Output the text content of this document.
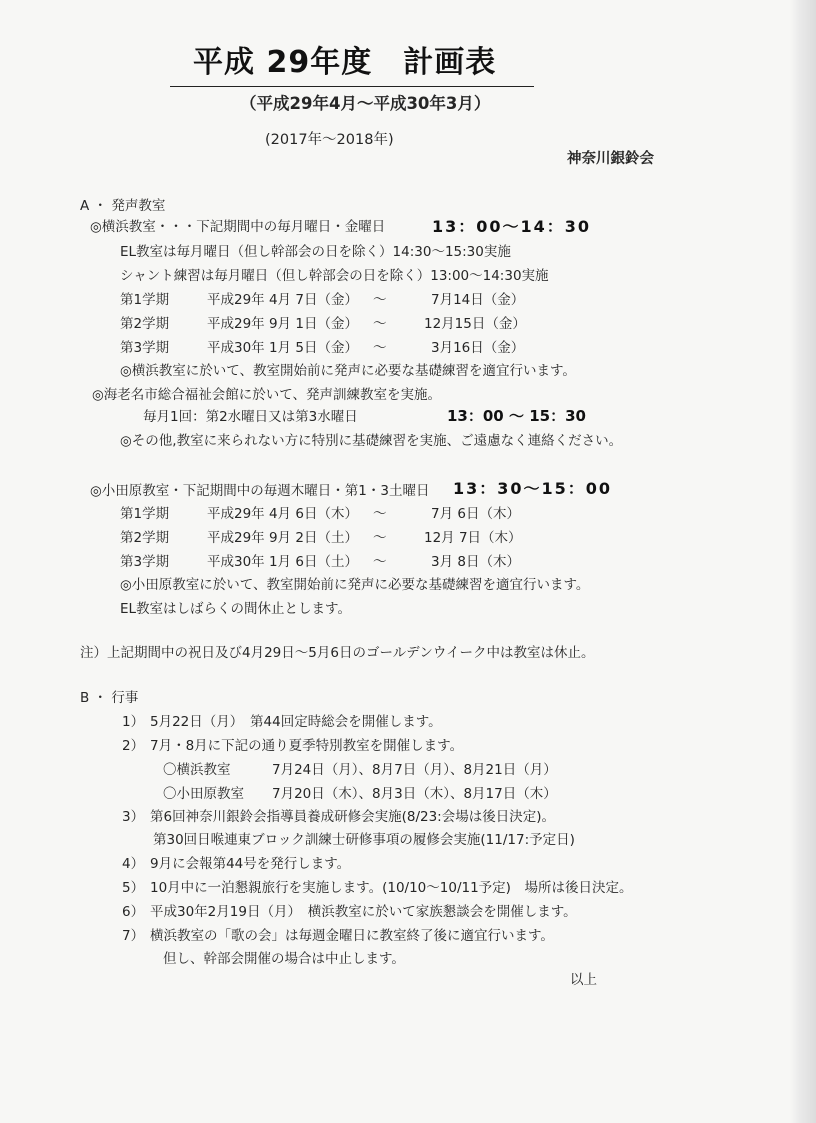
平成 29年度　計画表
（平成29年4月～平成30年3月）
(2017年～2018年)
神奈川銀鈴会
A ・ 発声教室
◎横浜教室・・・下記期間中の毎月曜日・金曜日	13：00～14：30
EL教室は毎月曜日（但し幹部会の日を除く）14:30～15:30実施
シャント練習は毎月曜日（但し幹部会の日を除く）13:00～14:30実施
第1学期	平成29年 4月 7日（金） ～	7月14日（金）
第2学期	平成29年 9月 1日（金） ～	12月15日（金）
第3学期	平成30年 1月 5日（金） ～	3月16日（金）
◎横浜教室に於いて、教室開始前に発声に必要な基礎練習を適宜行います。
◎海老名市総合福祉会館に於いて、発声訓練教室を実施。
毎月1回：第2水曜日又は第3水曜日	13：00 ～ 15：30
◎その他,教室に来られない方に特別に基礎練習を実施、ご遠慮なく連絡ください。
◎小田原教室・下記期間中の毎週木曜日・第1・3土曜日 13：30～15：00
第1学期	平成29年 4月 6日（木） ～	7月 6日（木）
第2学期	平成29年 9月 2日（土） ～	12月 7日（木）
第3学期	平成30年 1月 6日（土） ～	3月 8日（木）
◎小田原教室に於いて、教室開始前に発声に必要な基礎練習を適宜行います。
EL教室はしばらくの間休止とします。
注）上記期間中の祝日及び4月29日～5月6日のゴールデンウイーク中は教室は休止。
B ・ 行事
1） 5月22日（月）　第44回定時総会を開催します。
2） 7月・8月に下記の通り夏季特別教室を開催します。
〇横浜教室	7月24日（月）、8月7日（月）、8月21日（月）
〇小田原教室 7月20日（木）、8月3日（木）、8月17日（木）
3） 第6回神奈川銀鈴会指導員養成研修会実施(8/23:会場は後日決定)。
第30回日喉連東ブロック訓練士研修事項の履修会実施(11/17:予定日)
4） 9月に会報第44号を発行します。
5） 10月中に一泊懇親旅行を実施します。(10/10～10/11予定)　場所は後日決定。
6） 平成30年2月19日（月）　横浜教室に於いて家族懇談会を開催します。
7） 横浜教室の「歌の会」は毎週金曜日に教室終了後に適宜行います。
但し、幹部会開催の場合は中止します。
以上
